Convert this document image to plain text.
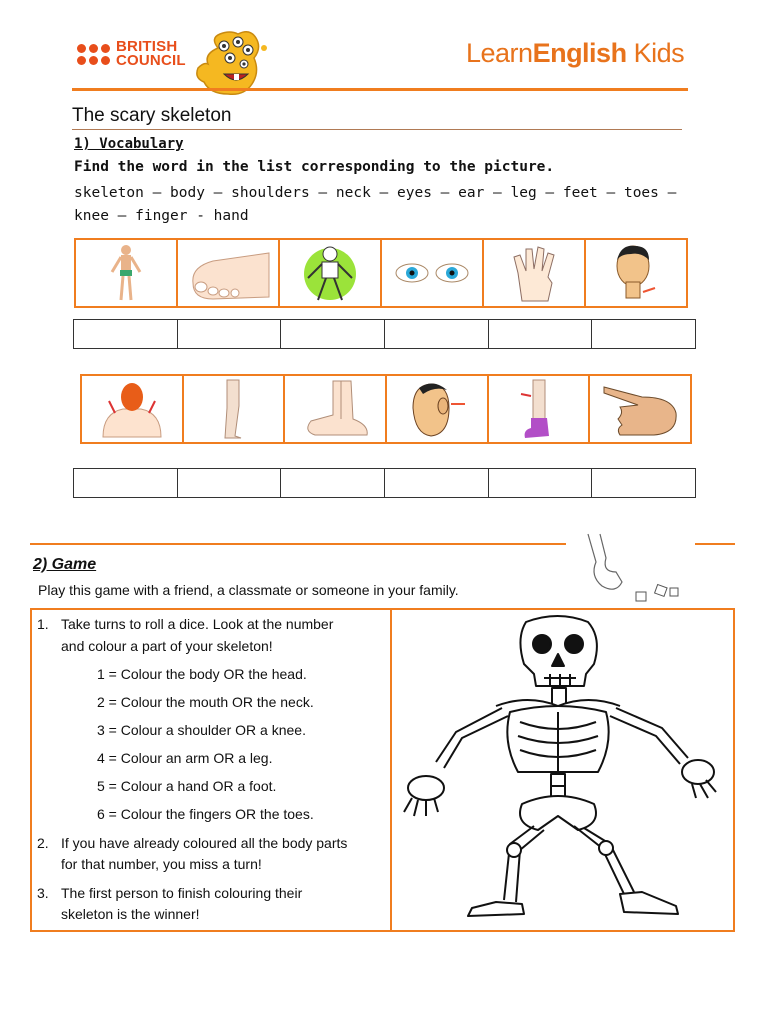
BRITISH
COUNCIL	LearnEnglish Kids
The scary skeleton
1) Vocabulary
Find the word in the list corresponding to the picture.
skeleton – body – shoulders – neck – eyes – ear – leg – feet – toes – knee – finger - hand
2) Game
Play this game with a friend, a classmate or someone in your family.
1. Take turns to roll a dice. Look at the number
and colour a part of your skeleton!
1 = Colour the body OR the head.
2 = Colour the mouth OR the neck.
3 = Colour a shoulder OR a knee.
4 = Colour an arm OR a leg.
5 = Colour a hand OR a foot.
6 = Colour the fingers OR the toes.
2. If you have already coloured all the body parts
for that number, you miss a turn!
3. The first person to finish colouring their
skeleton is the winner!
